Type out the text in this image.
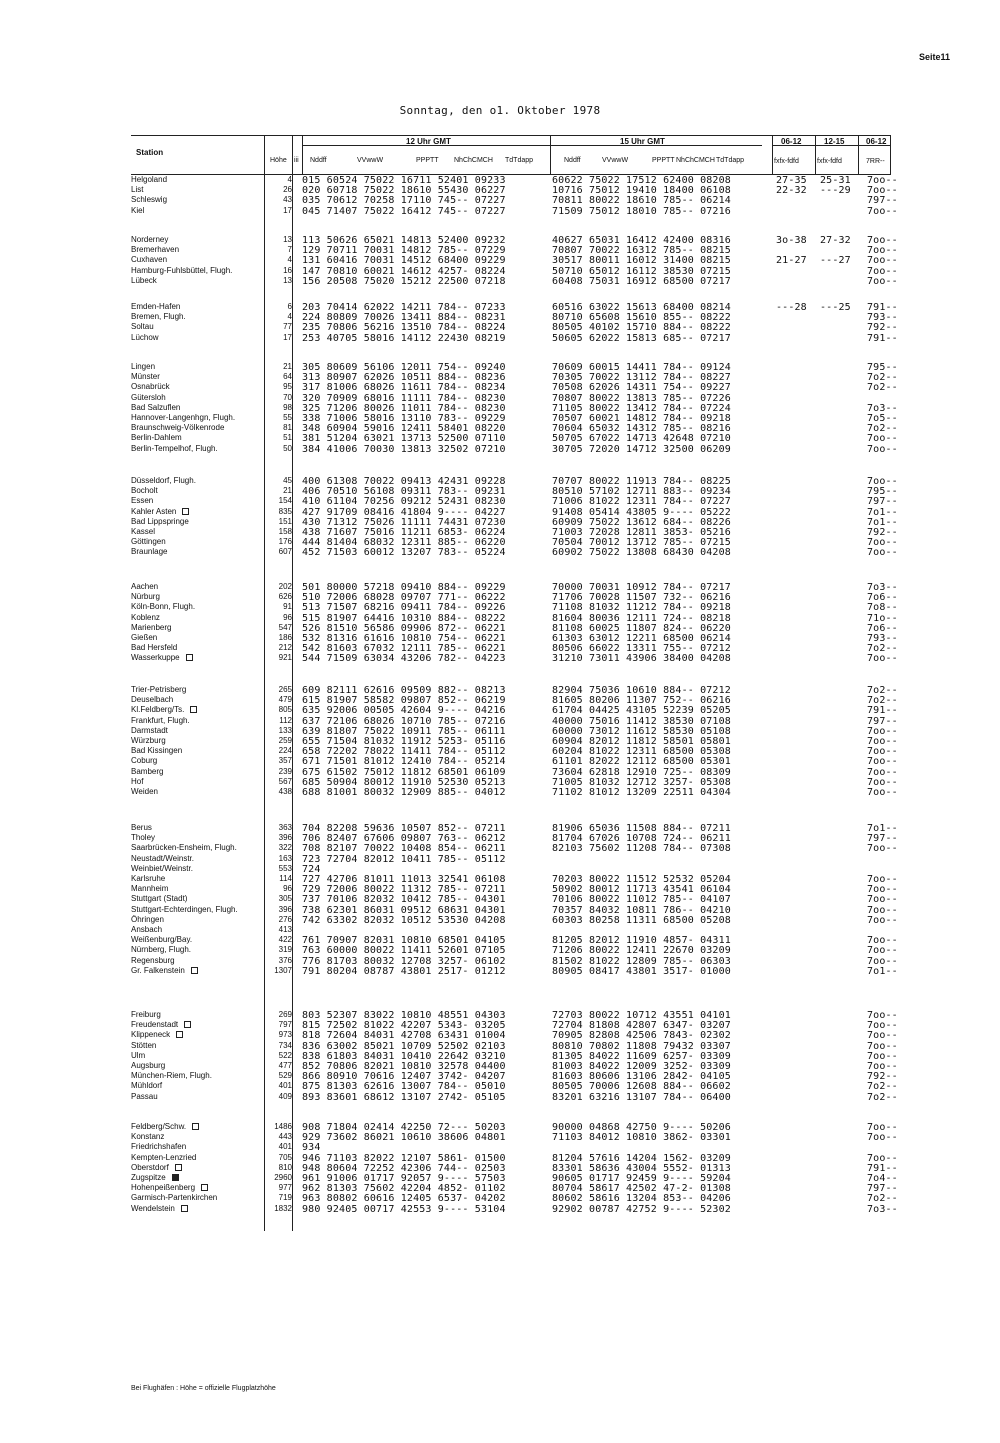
Seite11
Sonntag, den o1. Oktober 1978
Station
Höhe iii
12 Uhr GMT	15 Uhr GMT
Nddff	VVwwW	PPPTT NhChCMCH TdTdapp	Nddff	VVwwW	PPPTT NhChCMCH TdTdapp
06-12	12-15	06-12
fxfx-fdfd	fxfx-fdfd	7RR--
Helgoland	4 015 60524 75022 16711 52401 09233	60622 75022 17512 62400 08208	27-35 25-31 7oo--
List	26 020 60718 75022 18610 55430 06227	10716 75012 19410 18400 06108	22-32 ---29 7oo--
Schleswig	43 035 70612 70258 17110 745-- 07227	70811 80022 18610 785-- 06214	797--
Kiel	17 045 71407 75022 16412 745-- 07227	71509 75012 18010 785-- 07216	7oo--
Norderney	13 113 50626 65021 14813 52400 09232	40627 65031 16412 42400 08316	3o-38 27-32 7oo--
Bremerhaven	7 129 70711 70031 14812 785-- 07229	70807 70022 16312 785-- 08215	7oo--
Cuxhaven	4 131 60416 70031 14512 68400 09229	30517 80011 16012 31400 08215	21-27 ---27 7oo--
Hamburg-Fuhlsbüttel, Flugh.	16 147 70810 60021 14612 4257- 08224	50710 65012 16112 38530 07215	7oo--
Lübeck	13 156 20508 75020 15212 22500 07218	60408 75031 16912 68500 07217	7oo--
Emden-Hafen	6 203 70414 62022 14211 784-- 07233	60516 63022 15613 68400 08214	---28 ---25 791--
Bremen, Flugh.	4 224 80809 70026 13411 884-- 08231	80710 65608 15610 855-- 08222	793--
Soltau	77 235 70806 56216 13510 784-- 08224	80505 40102 15710 884-- 08222	792--
Lüchow	17 253 40705 58016 14112 22430 08219	50605 62022 15813 685-- 07217	791--
Lingen	21 305 80609 56106 12011 754-- 09240	70609 60015 14411 784-- 09124	795--
Münster	64 313 80907 62026 10511 884-- 08236	70305 70022 13112 784-- 08227	7o2--
Osnabrück	95 317 81006 68026 11611 784-- 08234	70508 62026 14311 754-- 09227	7o2--
Gütersloh	70 320 70909 68016 11111 784-- 08230	70807 80022 13813 785-- 07226
Bad Salzuflen	98 325 71206 80026 11011 784-- 08230	71105 80022 13412 784-- 07224	7o3--
Hannover-Langenhgn, Flugh.	55 338 71006 58016 13110 783-- 09229	70507 60021 14812 784-- 09218	7o5--
Braunschweig-Völkenrode	81 348 60904 59016 12411 58401 08220	70604 65032 14312 785-- 08216	7o2--
Berlin-Dahlem	51 381 51204 63021 13713 52500 07110	50705 67022 14713 42648 07210	7oo--
Berlin-Tempelhof, Flugh.	50 384 41006 70030 13813 32502 07210	30705 72020 14712 32500 06209	7oo--
Düsseldorf, Flugh.	45 400 61308 70022 09413 42431 09228	70707 80022 11913 784-- 08225	7oo--
Bocholt	21 406 70510 56108 09311 783-- 09231	80510 57102 12711 883-- 09234	795--
Essen	154 410 61104 70256 09212 52431 08230	71006 81022 12311 784-- 07227	797--
Kahler Asten	835 427 91709 08416 41804 9---- 04227	91408 05414 43805 9---- 05222	7o1--
Bad Lippspringe	151 430 71312 75026 11111 74431 07230	60909 75022 13612 684-- 08226	7o1--
Kassel	158 438 71607 75016 11211 6853- 06224	71003 72028 12811 3853- 05216	792--
Göttingen	176 444 81404 68032 12311 885-- 06220	70504 70012 13712 785-- 07215	7oo--
Braunlage	607 452 71503 60012 13207 783-- 05224	60902 75022 13808 68430 04208	7oo--
Aachen	202 501 80000 57218 09410 884-- 09229	70000 70031 10912 784-- 07217	7o3--
Nürburg	626 510 72006 68028 09707 771-- 06222	71706 70028 11507 732-- 06216	7o6--
Köln-Bonn, Flugh.	91 513 71507 68216 09411 784-- 09226	71108 81032 11212 784-- 09218	7o8--
Koblenz	96 515 81907 64416 10310 884-- 08222	81604 80036 12111 724-- 08218	71o--
Marienberg	547 526 81510 56586 09906 872-- 06221	81108 60025 11807 824-- 06220	7o6--
Gießen	186 532 81316 61616 10810 754-- 06221	61303 63012 12211 68500 06214	793--
Bad Hersfeld	212 542 81603 67032 12111 785-- 06221	80506 66022 13311 755-- 07212	7o2--
Wasserkuppe	921 544 71509 63034 43206 782-- 04223	31210 73011 43906 38400 04208	7oo--
Trier-Petrisberg	265 609 82111 62616 09509 882-- 08213	82904 75036 10610 884-- 07212	7o2--
Deuselbach	479 615 81907 58582 09807 852-- 06219	81605 80206 11307 752-- 06216	7o2--
Kl.Feldberg/Ts.	805 635 92006 00505 42604 9---- 04216	61704 04425 43105 52239 05205	791--
Frankfurt, Flugh.	112 637 72106 68026 10710 785-- 07216	40000 75016 11412 38530 07108	797--
Darmstadt	133 639 81807 75022 10911 785-- 06111	60000 73012 11612 58530 05108	7oo--
Würzburg	259 655 71504 81032 11912 5253- 05116	60904 82012 11812 58501 05801	7oo--
Bad Kissingen	224 658 72202 78022 11411 784-- 05112	60204 81022 12311 68500 05308	7oo--
Coburg	357 671 71501 81012 12410 784-- 05214	61101 82022 12112 68500 05301	7oo--
Bamberg	239 675 61502 75012 11812 68501 06109	73604 62818 12910 725-- 08309	7oo--
Hof	567 685 50904 80012 11910 52530 05213	71005 81032 12712 3257- 05308	7oo--
Weiden	438 688 81001 80032 12909 885-- 04012	71102 81012 13209 22511 04304	7oo--
Berus	363 704 82208 59636 10507 852-- 07211	81906 65036 11508 884-- 07211	7o1--
Tholey	396 706 82407 67606 09807 763-- 06212	81704 67026 10708 724-- 06211	797--
Saarbrücken-Ensheim, Flugh.	322 708 82107 70022 10408 854-- 06211	82103 75602 11208 784-- 07308	7oo--
Neustadt/Weinstr.	163 723 72704 82012 10411 785-- 05112
Weinbiet/Weinstr.	553 724
Karlsruhe	114 727 42706 81011 11013 32541 06108	70203 80022 11512 52532 05204	7oo--
Mannheim	96 729 72006 80022 11312 785-- 07211	50902 80012 11713 43541 06104	7oo--
Stuttgart (Stadt)	305 737 70106 82032 10412 785-- 04301	70106 80022 11012 785-- 04107	7oo--
Stuttgart-Echterdingen, Flugh.	396 738 62301 86031 09512 68631 04301	70357 84032 10811 786-- 04210	7oo--
Öhringen	276 742 63302 82032 10512 53530 04208	60303 80258 11311 68500 05208	7oo--
Ansbach	413
Weißenburg/Bay.	422 761 70907 82031 10810 68501 04105	81205 82012 11910 4857- 04311	7oo--
Nürnberg, Flugh.	319 763 60000 80022 11411 52601 07105	71206 80022 12411 22670 03209	7oo--
Regensburg	376 776 81703 80032 12708 3257- 06102	81502 81022 12809 785-- 06303	7oo--
Gr. Falkenstein	1307 791 80204 08787 43801 2517- 01212	80905 08417 43801 3517- 01000	7o1--
Freiburg	269 803 52307 83022 10810 48551 04303	72703 80022 10712 43551 04101	7oo--
Freudenstadt	797 815 72502 81022 42207 5343- 03205	72704 81808 42807 6347- 03207	7oo--
Klippeneck	973 818 72604 84031 42708 63431 01004	70905 82808 42506 7843- 02302	7oo--
Stötten	734 836 63002 85021 10709 52502 02103	80810 70802 11808 79432 03307	7oo--
Ulm	522 838 61803 84031 10410 22642 03210	81305 84022 11609 6257- 03309	7oo--
Augsburg	477 852 70806 82021 10810 32578 04400	81003 84022 12009 3252- 03309	7oo--
München-Riem, Flugh.	529 866 80910 70616 12407 3742- 04207	81603 80606 13106 2842- 04105	792--
Mühldorf	401 875 81303 62616 13007 784-- 05010	80505 70006 12608 884-- 06602	7o2--
Passau	409 893 83601 68612 13107 2742- 05105	83201 63216 13107 784-- 06400	7o2--
Feldberg/Schw.	1486 908 71804 02414 42250 72--- 50203	90000 04868 42750 9---- 50206	7oo--
Konstanz	443 929 73602 86021 10610 38606 04801	71103 84012 10810 3862- 03301	7oo--
Friedrichshafen	401 934
Kempten-Lenzried	705 946 71103 82022 12107 5861- 01500	81204 57616 14204 1562- 03209	7oo--
Oberstdorf	810 948 80604 72252 42306 744-- 02503	83301 58636 43004 5552- 01313	791--
Zugspitze	2960 961 91006 01717 92057 9---- 57503	90605 01717 92459 9---- 59204	7o4--
Hohenpeißenberg	977 962 81303 75602 42204 4852- 01102	80704 58617 42502 47-2- 01308	797--
Garmisch-Partenkirchen	719 963 80802 60616 12405 6537- 04202	80602 58616 13204 853-- 04206	7o2--
Wendelstein	1832 980 92405 00717 42553 9---- 53104	92902 00787 42752 9---- 52302	7o3--
Bei Flughäfen : Höhe = offizielle Flugplatzhöhe
